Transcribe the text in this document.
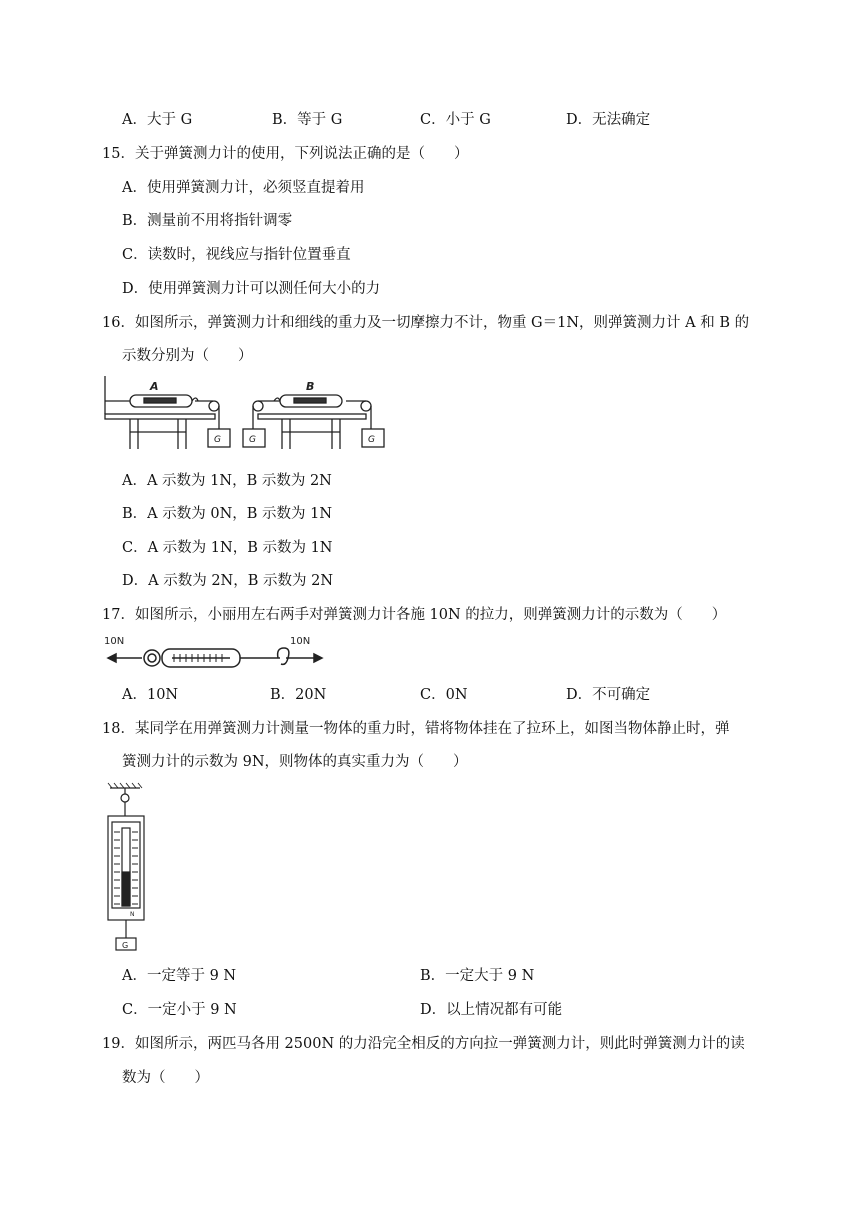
A．大于 G	B．等于 G	C．小于 G	D．无法确定
15．关于弹簧测力计的使用，下列说法正确的是（　　）
A．使用弹簧测力计，必须竖直提着用
B．测量前不用将指针调零
C．读数时，视线应与指针位置垂直
D．使用弹簧测力计可以测任何大小的力
16．如图所示，弹簧测力计和细线的重力及一切摩擦力不计，物重 G＝1N，则弹簧测力计 A 和 B 的
示数分别为（　　）
A	B
G	G	G
A．A 示数为 1N，B 示数为 2N
B．A 示数为 0N，B 示数为 1N
C．A 示数为 1N，B 示数为 1N
D．A 示数为 2N，B 示数为 2N
17．如图所示，小丽用左右两手对弹簧测力计各施 10N 的拉力，则弹簧测力计的示数为（　　）
10N	10N
A．10N	B．20N	C．0N	D．不可确定
18．某同学在用弹簧测力计测量一物体的重力时，错将物体挂在了拉环上，如图当物体静止时，弹
簧测力计的示数为 9N，则物体的真实重力为（　　）
N
G
A．一定等于 9 N	B．一定大于 9 N
C．一定小于 9 N	D．以上情况都有可能
19．如图所示，两匹马各用 2500N 的力沿完全相反的方向拉一弹簧测力计，则此时弹簧测力计的读
数为（　　）
